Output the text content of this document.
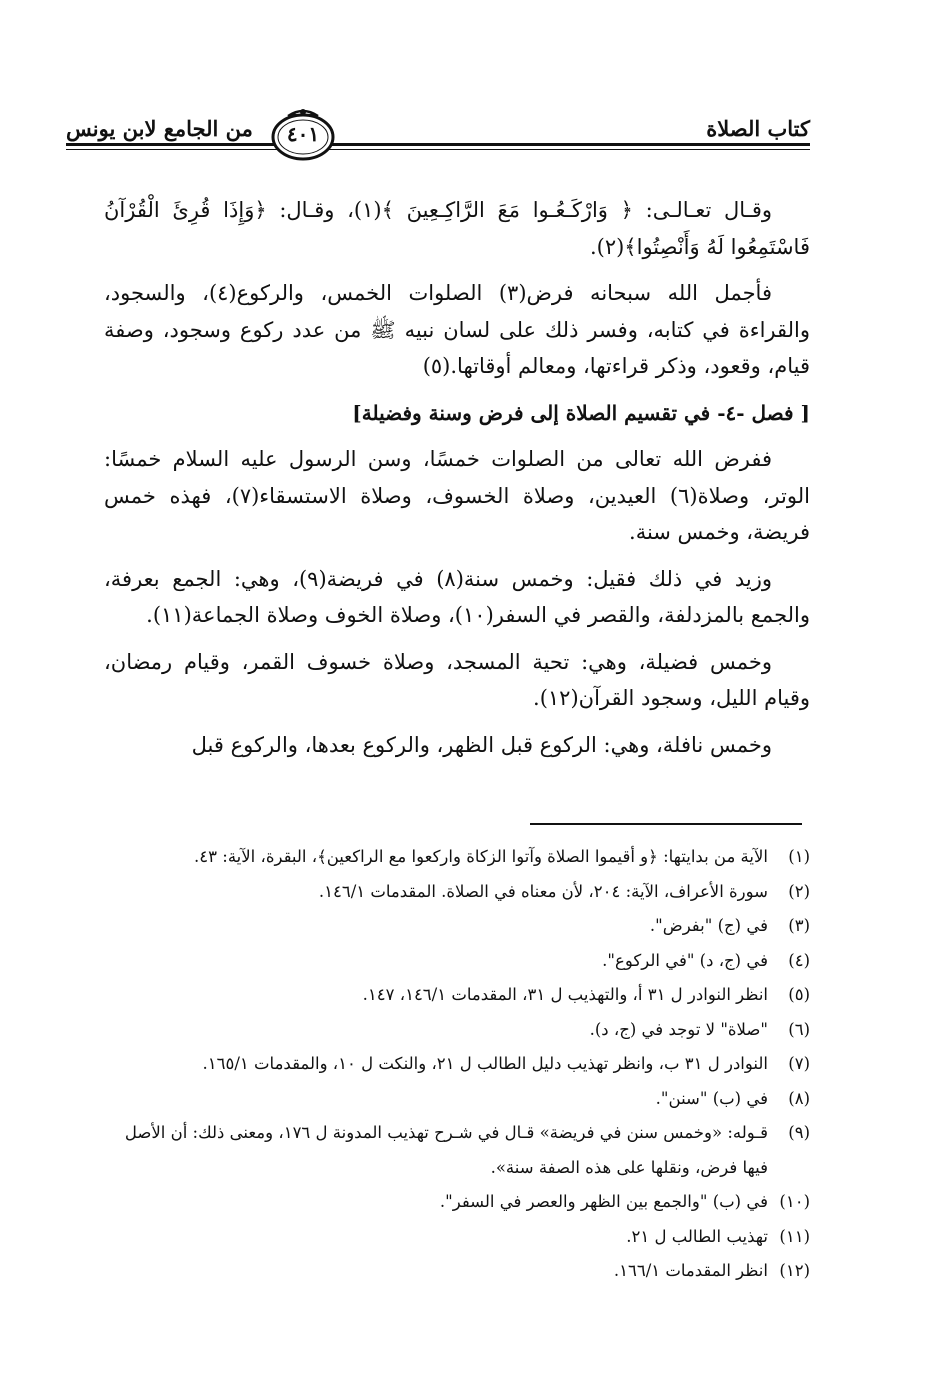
كتاب الصلاة
من الجامع لابن يونس	٤٠١

وقـال تعـالـى: ﴿ وَارْكَـعُـوا مَعَ الرَّاكِـعِينَ ﴾(١)، وقـال: ﴿وَإِذَا قُرِئَ الْقُرْآنُ فَاسْتَمِعُوا لَهُ وَأَنْصِتُوا﴾(٢).

فأجمل الله سبحانه فرض(٣) الصلوات الخمس، والركوع(٤)، والسجود، والقراءة في كتابه، وفسر ذلك على لسان نبيه ﷺ من عدد ركوع وسجود، وصفة قيام، وقعود، وذكر قراءتها، ومعالم أوقاتها.(٥)

[ فصل -٤- في تقسيم الصلاة إلى فرض وسنة وفضيلة]

ففرض الله تعالى من الصلوات خمسًا، وسن الرسول عليه السلام خمسًا: الوتر، وصلاة(٦) العيدين، وصلاة الخسوف، وصلاة الاستسقاء(٧)، فهذه خمس فريضة، وخمس سنة.

وزيد في ذلك فقيل: وخمس سنة(٨) في فريضة(٩)، وهي: الجمع بعرفة، والجمع بالمزدلفة، والقصر في السفر(١٠)، وصلاة الخوف وصلاة الجماعة(١١).

وخمس فضيلة، وهي: تحية المسجد، وصلاة خسوف القمر، وقيام رمضان، وقيام الليل، وسجود القرآن(١٢).

وخمس نافلة، وهي: الركوع قبل الظهر، والركوع بعدها، والركوع قبل

(١)
الآية من بدايتها: ﴿و أقيموا الصلاة وآتوا الزكاة واركعوا مع الراكعين﴾، البقرة، الآية: ٤٣.

(٢)
سورة الأعراف، الآية: ٢٠٤، لأن معناه في الصلاة. المقدمات ١٤٦/١.

(٣)
في (ج) "بفرض".

(٤)
في (ج، د) "في الركوع".

(٥)
انظر النوادر ل ٣١ أ، والتهذيب ل ٣١، المقدمات ١٤٦/١، ١٤٧.

(٦)
"صلاة" لا توجد في (ج، د).

(٧)
النوادر ل ٣١ ب، وانظر تهذيب دليل الطالب ل ٢١، والنكت ل ١٠، والمقدمات ١٦٥/١.

(٨)
في (ب) "سنن".

(٩)
قـوله: «وخمس سنن في فريضة» قـال في شـرح تهذيب المدونة ل ١٧٦، ومعنى ذلك: أن الأصل فيها فرض، ونقلها على هذه الصفة سنة».

(١٠)
في (ب) "والجمع بين الظهر والعصر في السفر".

(١١)
تهذيب الطالب ل ٢١.

(١٢)
انظر المقدمات ١٦٦/١.
